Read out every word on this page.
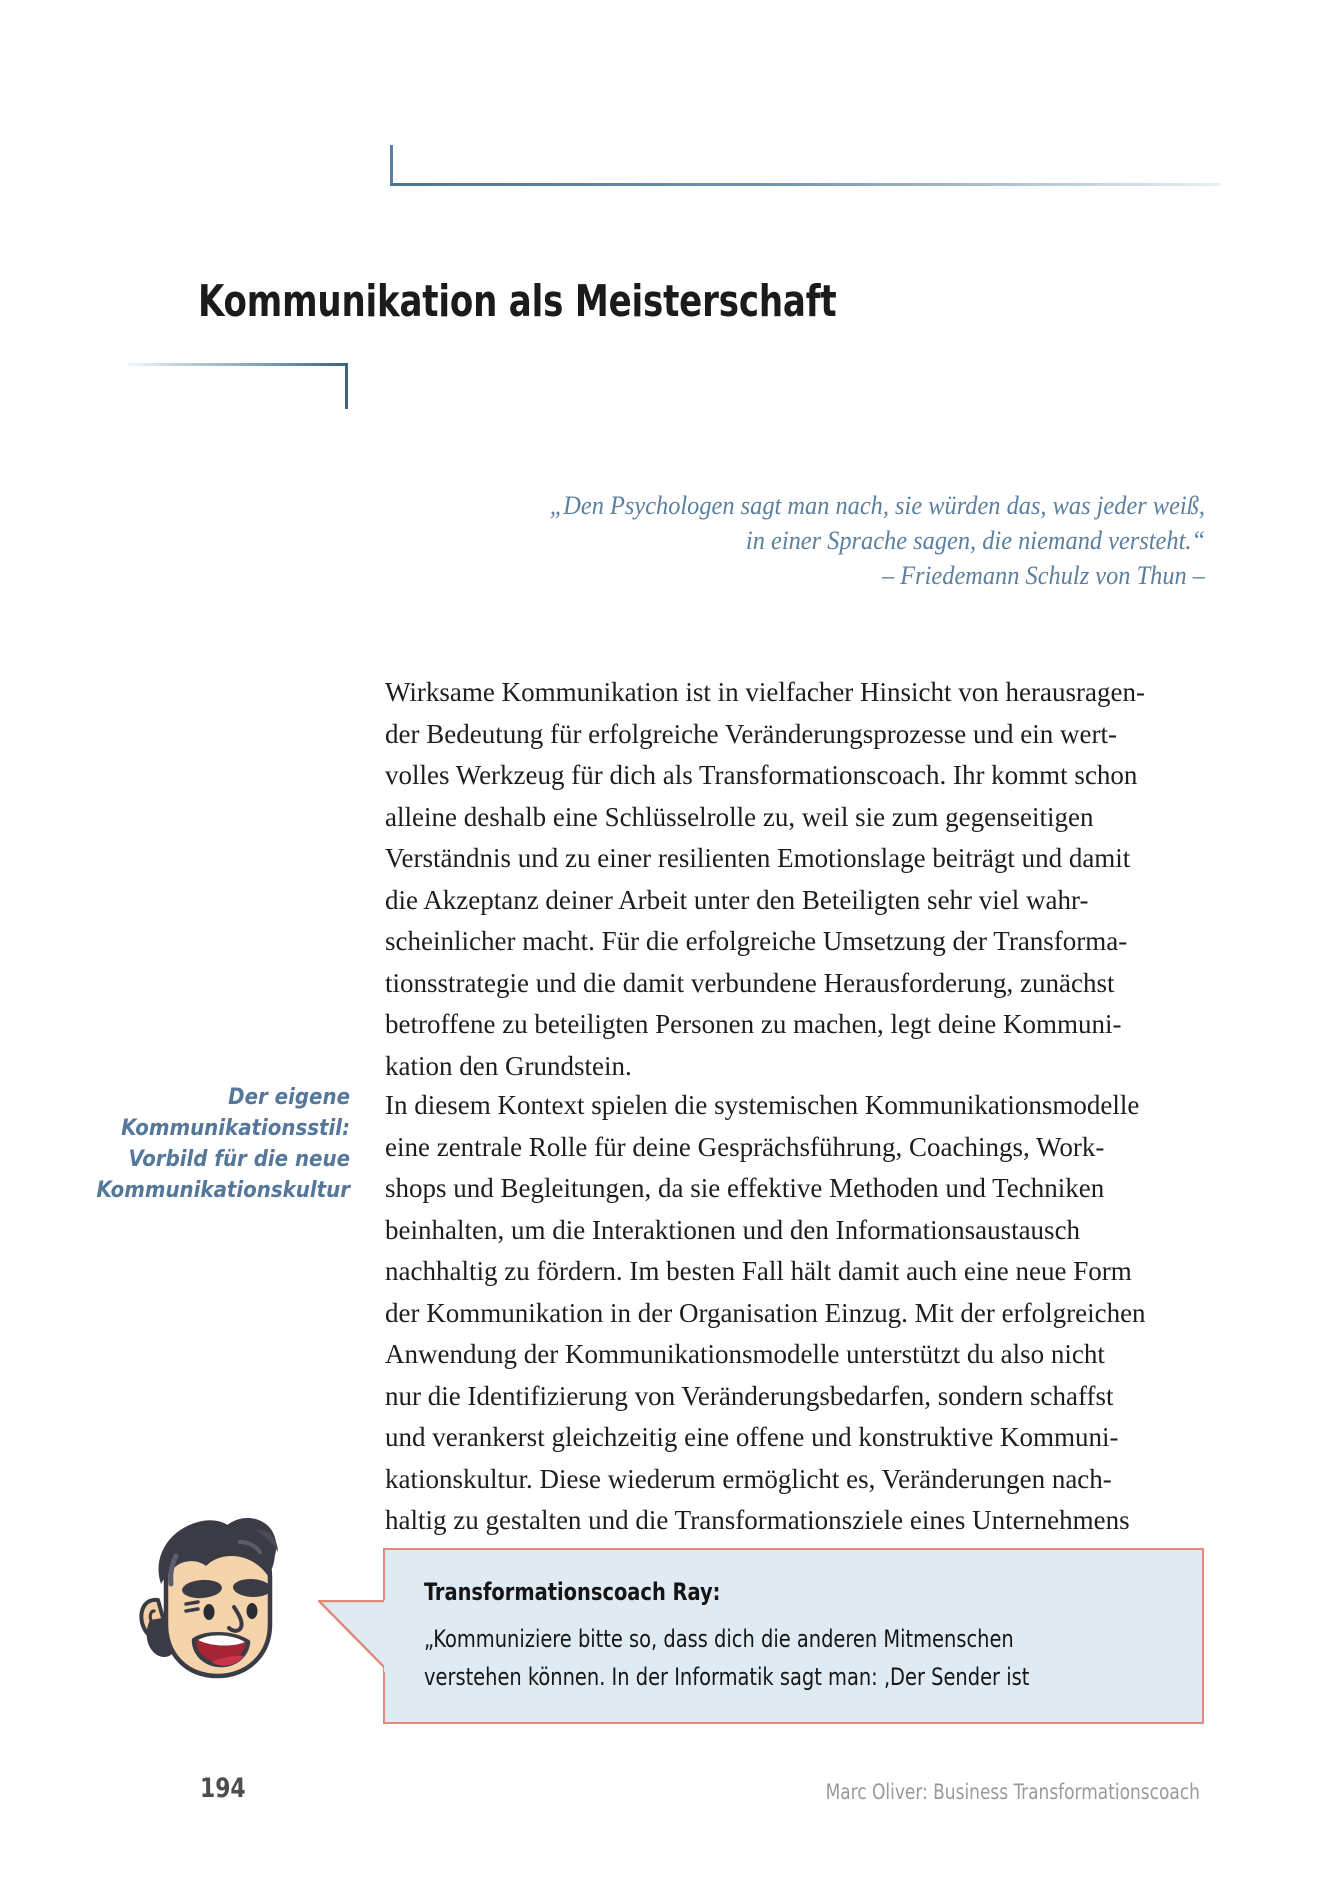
Kommunikation als Meisterschaft
„Den Psychologen sagt man nach, sie würden das, was jeder weiß,
in einer Sprache sagen, die niemand versteht.“
– Friedemann Schulz von Thun –

Wirksame Kommunikation ist in vielfacher Hinsicht von herausragen-
der Bedeutung für erfolgreiche Veränderungsprozesse und ein wert-
volles Werkzeug für dich als Transformationscoach. Ihr kommt schon
alleine deshalb eine Schlüsselrolle zu, weil sie zum gegenseitigen
Verständnis und zu einer resilienten Emotionslage beiträgt und damit
die Akzeptanz deiner Arbeit unter den Beteiligten sehr viel wahr-
scheinlicher macht. Für die erfolgreiche Umsetzung der Transforma-
tionsstrategie und die damit verbundene Herausforderung, zunächst
betroffene zu beteiligten Personen zu machen, legt deine Kommuni-
kation den Grundstein.

Der eigene
Kommunikationsstil:
Vorbild für die neue
Kommunikationskultur

In diesem Kontext spielen die systemischen Kommunikationsmodelle
eine zentrale Rolle für deine Gesprächsführung, Coachings, Work-
shops und Begleitungen, da sie effektive Methoden und Techniken
beinhalten, um die Interaktionen und den Informationsaustausch
nachhaltig zu fördern. Im besten Fall hält damit auch eine neue Form
der Kommunikation in der Organisation Einzug. Mit der erfolgreichen
Anwendung der Kommunikationsmodelle unterstützt du also nicht
nur die Identifizierung von Veränderungsbedarfen, sondern schaffst
und verankerst gleichzeitig eine offene und konstruktive Kommuni-
kationskultur. Diese wiederum ermöglicht es, Veränderungen nach-
haltig zu gestalten und die Transformationsziele eines Unternehmens

Transformationscoach Ray:
„Kommuniziere bitte so, dass dich die anderen Mitmenschen
verstehen können. In der Informatik sagt man: ‚Der Sender ist
194	Marc Oliver: Business Transformationscoach
